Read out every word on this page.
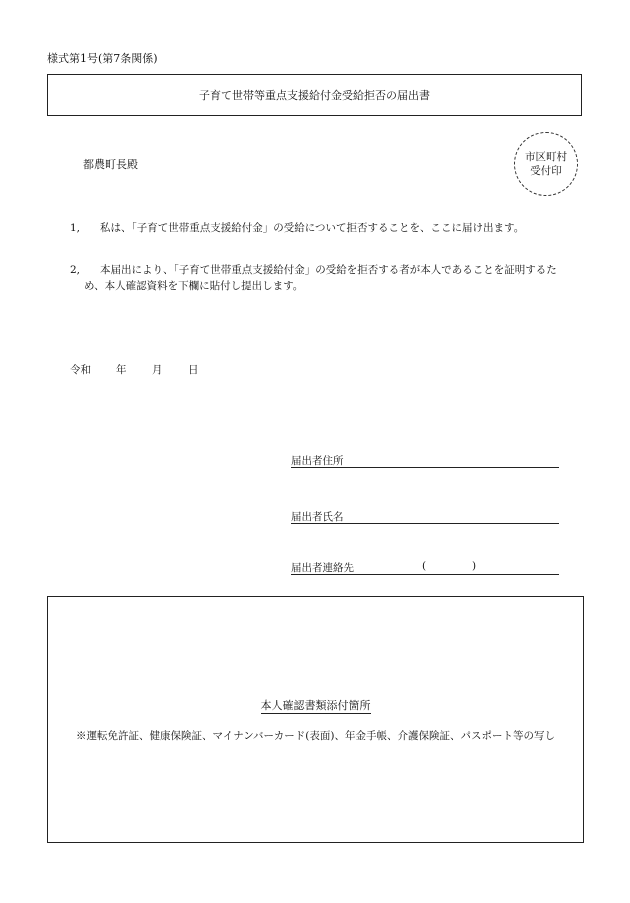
様式第1号(第7条関係)
子育て世帯等重点支援給付金受給拒否の届出書
都農町長殿
市区町村
受付印
1,	私は、「子育て世帯重点支援給付金」の受給について拒否することを、ここに届け出ます。
2,	本届出により、「子育て世帯重点支援給付金」の受給を拒否する者が本人であることを証明するため、本人確認資料を下欄に貼付し提出します。
令和 年 月 日
届出者住所
届出者氏名
届出者連絡先	(	)
本人確認書類添付箇所
※運転免許証、健康保険証、マイナンバーカード(表面)、年金手帳、介護保険証、パスポート等の写し
